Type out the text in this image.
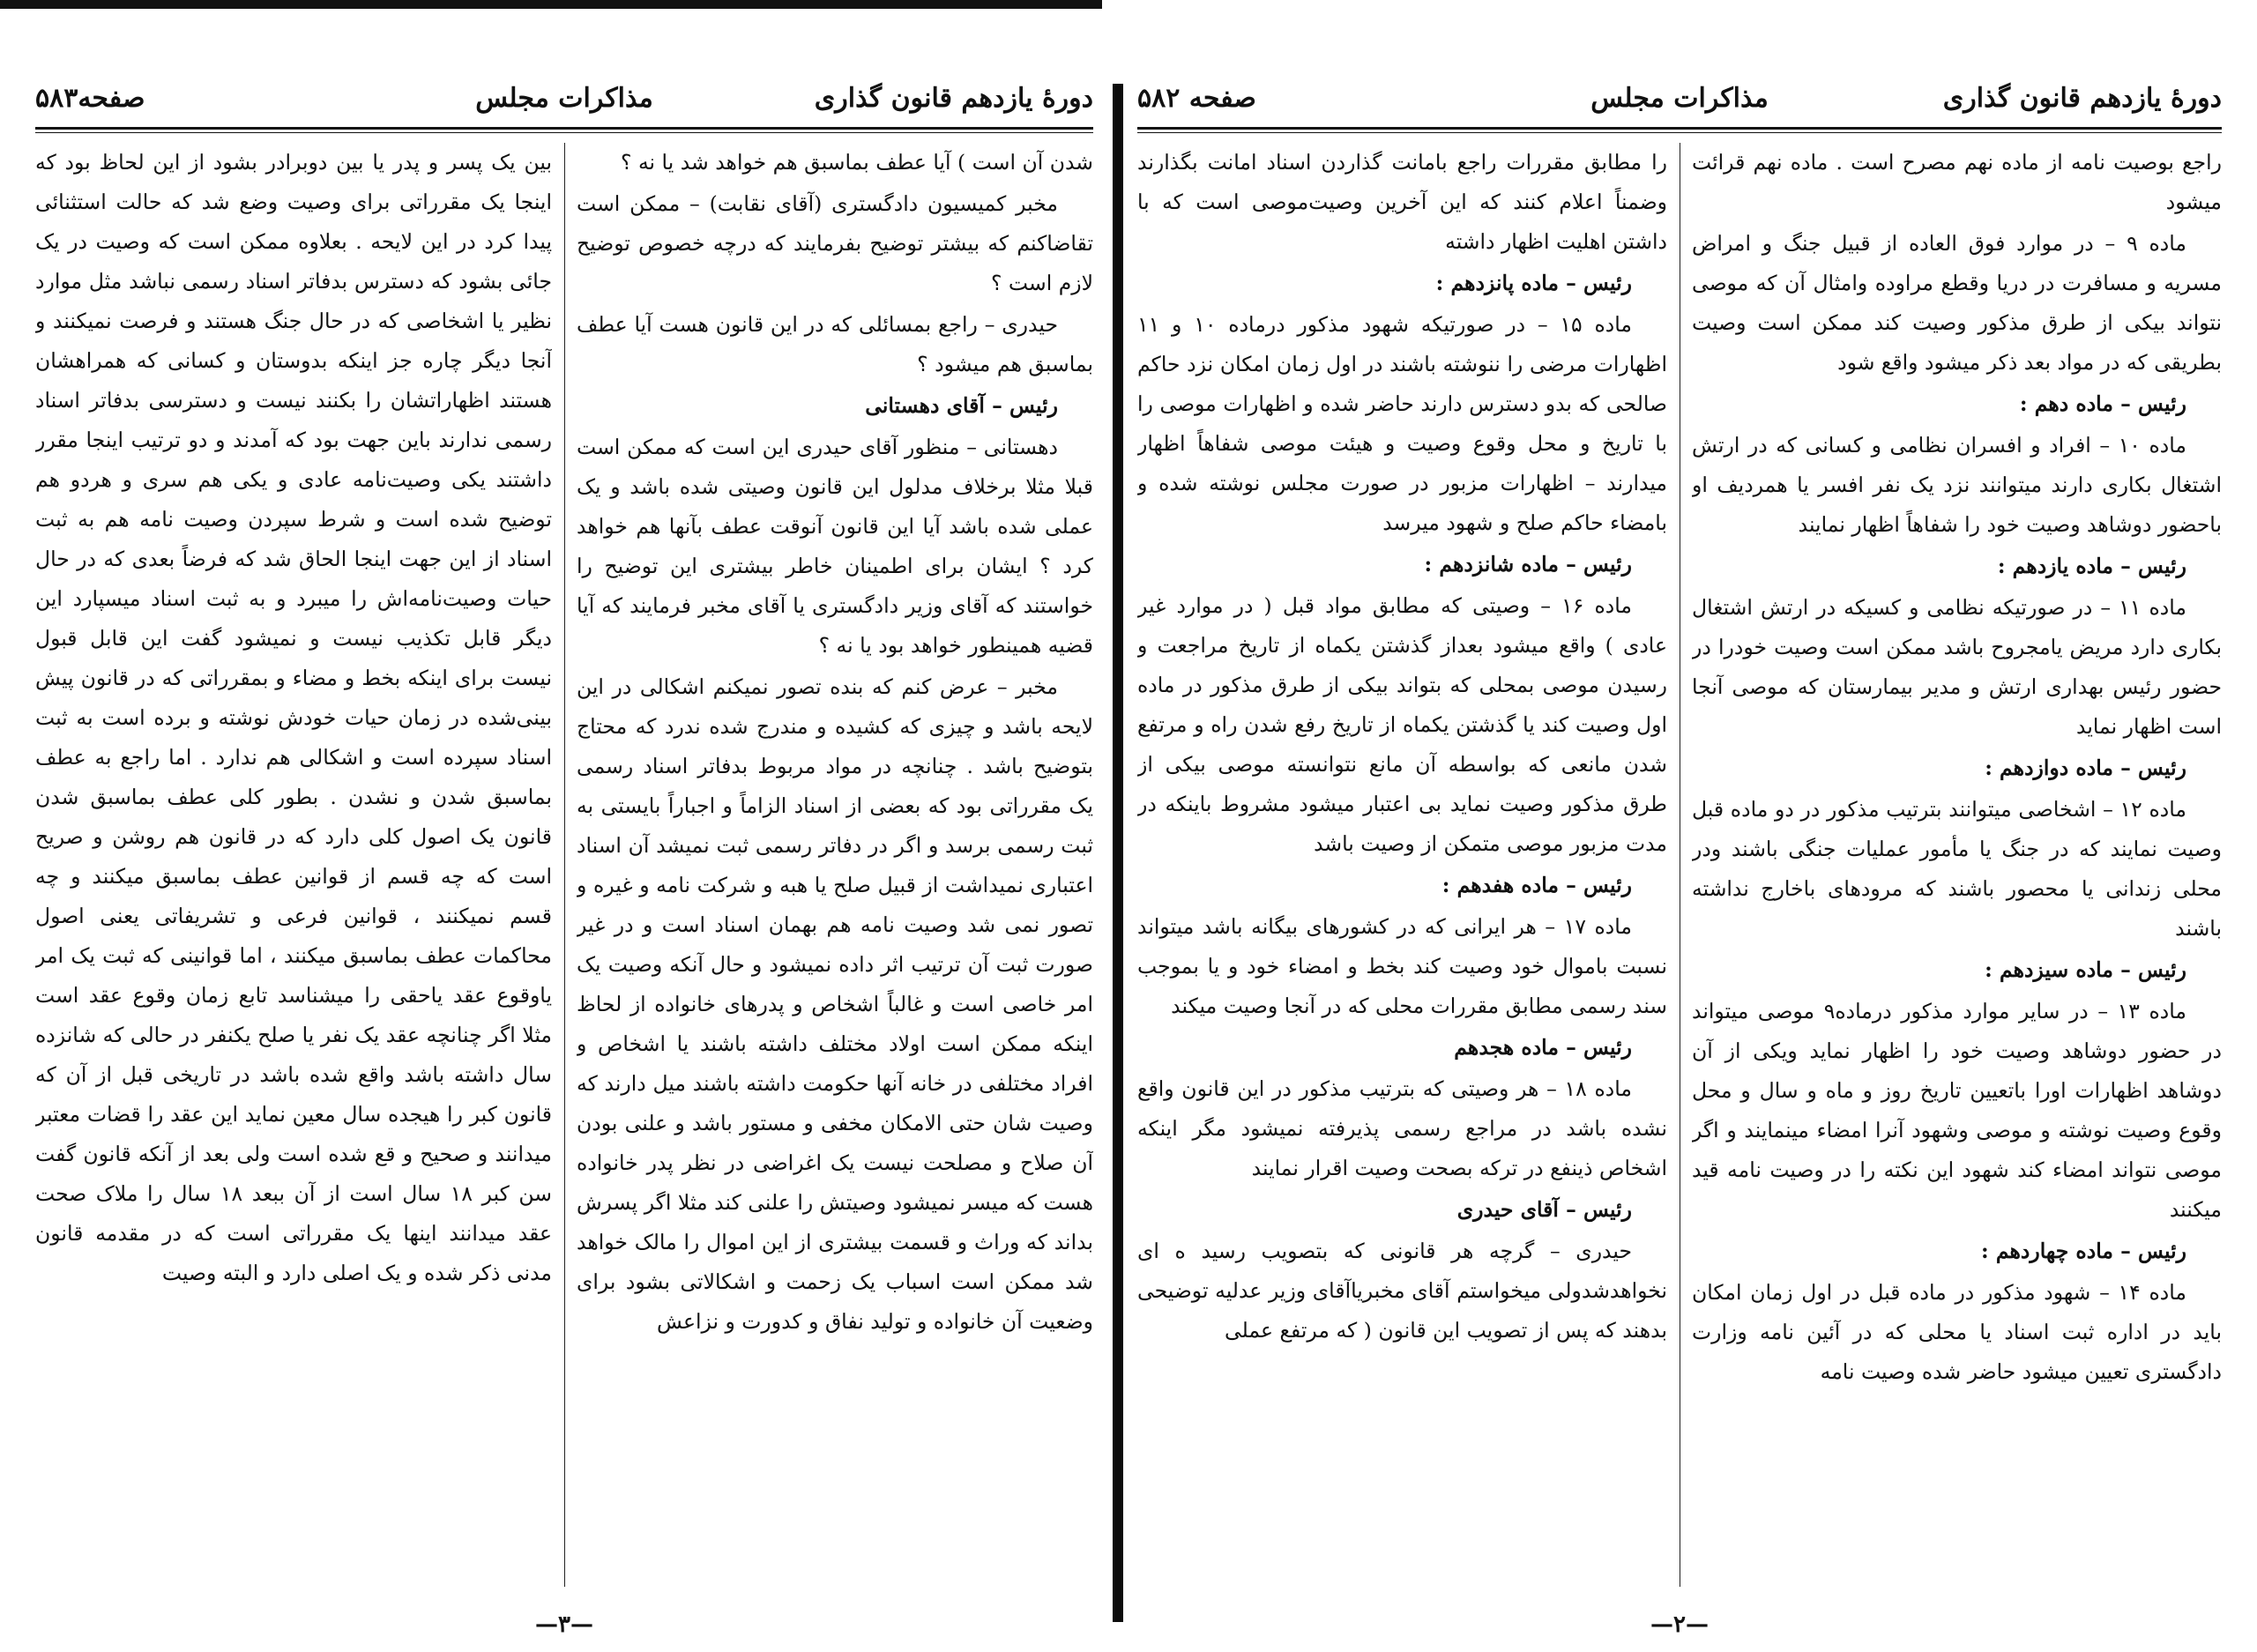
دورهٔ یازدهم قانون گذاری
مذاکرات مجلس
صفحه۵۸۳

شدن آن است ) آیا عطف بماسبق هم خواهد شد یا نه ؟

مخبر کمیسیون دادگستری (آقای نقابت) – ممکن است تقاضاکنم که بیشتر توضیح بفرمایند که درچه خصوص توضیح لازم است ؟

حیدری – راجع بمسائلی که در این قانون هست آیا عطف بماسبق هم میشود ؟

رئیس – آقای دهستانی

دهستانی – منظور آقای حیدری این است که ممکن است قبلا مثلا برخلاف مدلول این قانون وصیتی شده باشد و یک عملی شده باشد آیا این قانون آنوقت عطف بآنها هم خواهد کرد ؟ ایشان برای اطمینان خاطر بیشتری این توضیح را خواستند که آقای وزیر دادگستری یا آقای مخبر فرمایند که آیا قضیه همینطور خواهد بود یا نه ؟

مخبر – عرض کنم که بنده تصور نمیکنم اشکالی در این لایحه باشد و چیزی که کشیده و مندرج شده ندرد که محتاج بتوضیح باشد . چنانچه در مواد مربوط بدفاتر اسناد رسمی یک مقرراتی بود که بعضی از اسناد الزاماً و اجباراً بایستی به ثبت رسمی برسد و اگر در دفاتر رسمی ثبت نمیشد آن اسناد اعتباری نمیداشت از قبیل صلح یا هبه و شرکت نامه و غیره و تصور نمی شد وصیت نامه هم بهمان اسناد است و در غیر صورت ثبت آن ترتیب اثر داده نمیشود و حال آنکه وصیت یک امر خاصی است و غالباً اشخاص و پدرهای خانواده از لحاظ اینکه ممکن است اولاد مختلف داشته باشند یا اشخاص و افراد مختلفی در خانه آنها حکومت داشته باشند میل دارند که وصیت شان حتی الامکان مخفی و مستور باشد و علنی بودن آن صلاح و مصلحت نیست یک اغراضی در نظر پدر خانواده هست که میسر نمیشود وصیتش را علنی کند مثلا اگر پسرش بداند که وراث و قسمت بیشتری از این اموال را مالک خواهد شد ممکن است اسباب یک زحمت و اشکالاتی بشود برای وضعیت آن خانواده و تولید نفاق و کدورت و نزاعش

بین یک پسر و پدر یا بین دوبرادر بشود از این لحاظ بود که اینجا یک مقرراتی برای وصیت وضع شد که حالت استثنائی پیدا کرد در این لایحه . بعلاوه ممکن است که وصیت در یک جائی بشود که دسترس بدفاتر اسناد رسمی نباشد مثل موارد نظیر یا اشخاصی که در حال جنگ هستند و فرصت نمیکنند و آنجا دیگر چاره جز اینکه بدوستان و کسانی که همراهشان هستند اظهاراتشان را بکنند نیست و دسترسی بدفاتر اسناد رسمی ندارند باین جهت بود که آمدند و دو ترتیب اینجا مقرر داشتند یکی وصیت‌نامه عادی و یکی هم سری و هردو هم توضیح شده است و شرط سپردن وصیت نامه هم به ثبت اسناد از این جهت اینجا الحاق شد که فرضاً بعدی که در حال حیات وصیت‌نامه‌اش را میبرد و به ثبت اسناد میسپارد این دیگر قابل تکذیب نیست و نمیشود گفت این قابل قبول نیست برای اینکه بخط و مضاء و بمقرراتی که در قانون پیش بینی‌شده در زمان حیات خودش نوشته و برده است به ثبت اسناد سپرده است و اشکالی هم ندارد . اما راجع به عطف بماسبق شدن و نشدن . بطور کلی عطف بماسبق شدن قانون یک اصول کلی دارد که در قانون هم روشن و صریح است که چه قسم از قوانین عطف بماسبق میکنند و چه قسم نمیکنند ، قوانین فرعی و تشریفاتی یعنی اصول محاکمات عطف بماسبق میکنند ، اما قوانینی که ثبت یک امر یاوقوع عقد یاحقی را میشناسد تابع زمان وقوع عقد است مثلا اگر چنانچه عقد یک نفر یا صلح یکنفر در حالی که شانزده سال داشته باشد واقع شده باشد در تاریخی قبل از آن که قانون کبر را هیجده سال معین نماید این عقد را قضات معتبر میدانند و صحیح و قع شده است ولی بعد از آنکه قانون گفت سن کبر ۱۸ سال است از آن ببعد ۱۸ سال را ملاک صحت عقد میدانند اینها یک مقرراتی است که در مقدمه قانون مدنی ذکر شده و یک اصلی دارد و البته وصیت

—۳—
دورهٔ یازدهم قانون گذاری
مذاکرات مجلس
صفحه ۵۸۲

راجع بوصیت نامه از ماده نهم مصرح است . ماده نهم قرائت میشود

ماده ۹ – در موارد فوق العاده از قبیل جنگ و امراض مسریه و مسافرت در دریا وقطع مراوده وامثال آن که موصی نتواند بیکی از طرق مذکور وصیت کند ممکن است وصیت بطریقی که در مواد بعد ذکر میشود واقع شود

رئیس – ماده دهم :

ماده ۱۰ – افراد و افسران نظامی و کسانی که در ارتش اشتغال بکاری دارند میتوانند نزد یک نفر افسر یا همردیف او باحضور دوشاهد وصیت خود را شفاهاً اظهار نمایند

رئیس – ماده یازدهم :

ماده ۱۱ – در صورتیکه نظامی و کسیکه در ارتش اشتغال بکاری دارد مریض یامجروح باشد ممکن است وصیت خودرا در حضور رئیس بهداری ارتش و مدیر بیمارستان که موصی آنجا است اظهار نماید

رئیس – ماده دوازدهم :

ماده ۱۲ – اشخاصی میتوانند بترتیب مذکور در دو ماده قبل وصیت نمایند که در جنگ یا مأمور عملیات جنگی باشند ودر محلی زندانی یا محصور باشند که مرودهای باخارج نداشته باشند

رئیس – ماده سیزدهم :

ماده ۱۳ – در سایر موارد مذکور درماده۹ موصی میتواند در حضور دوشاهد وصیت خود را اظهار نماید ویکی از آن دوشاهد اظهارات اورا باتعیین تاریخ روز و ماه و سال و محل وقوع وصیت نوشته و موصی وشهود آنرا امضاء مینمایند و اگر موصی نتواند امضاء کند شهود این نکته را در وصیت نامه قید میکنند

رئیس – ماده چهاردهم :

ماده ۱۴ – شهود مذکور در ماده قبل در اول زمان امکان باید در اداره ثبت اسناد یا محلی که در آئین نامه وزارت دادگستری تعیین میشود حاضر شده وصیت نامه

را مطابق مقررات راجع بامانت گذاردن اسناد امانت بگذارند وضمناً اعلام کنند که این آخرین وصیت‌موصی است که با داشتن اهلیت اظهار داشته

رئیس – ماده پانزدهم :

ماده ۱۵ – در صورتیکه شهود مذکور درماده ۱۰ و ۱۱ اظهارات مرضی را ننوشته باشند در اول زمان امکان نزد حاکم صالحی که بدو دسترس دارند حاضر شده و اظهارات موصی را با تاریخ و محل وقوع وصیت و هیئت موصی شفاهاً اظهار میدارند – اظهارات مزبور در صورت مجلس نوشته شده و بامضاء حاکم صلح و شهود میرسد

رئیس – ماده شانزدهم :

ماده ۱۶ – وصیتی که مطابق مواد قبل ( در موارد غیر عادی ) واقع میشود بعداز گذشتن یکماه از تاریخ مراجعت و رسیدن موصی بمحلی که بتواند بیکی از طرق مذکور در ماده اول وصیت کند یا گذشتن یکماه از تاریخ رفع شدن راه و مرتفع شدن مانعی که بواسطه آن مانع نتوانسته موصی بیکی از طرق مذکور وصیت نماید بی اعتبار میشود مشروط باینکه در مدت مزبور موصی متمکن از وصیت باشد

رئیس – ماده هفدهم :

ماده ۱۷ – هر ایرانی که در کشورهای بیگانه باشد میتواند نسبت باموال خود وصیت کند بخط و امضاء خود و یا بموجب سند رسمی مطابق مقررات محلی که در آنجا وصیت میکند

رئیس – ماده هجدهم

ماده ۱۸ – هر وصیتی که بترتیب مذکور در این قانون واقع نشده باشد در مراجع رسمی پذیرفته نمیشود مگر اینکه اشخاص ذینفع در ترکه بصحت وصیت اقرار نمایند

رئیس – آقای حیدری

حیدری – گرچه هر قانونی که بتصویب رسید ه ای نخواهدشدولی میخواستم آقای مخبریاآقای وزیر عدلیه توضیحی بدهند که پس از تصویب این قانون ( که مرتفع عملی

—۲—
